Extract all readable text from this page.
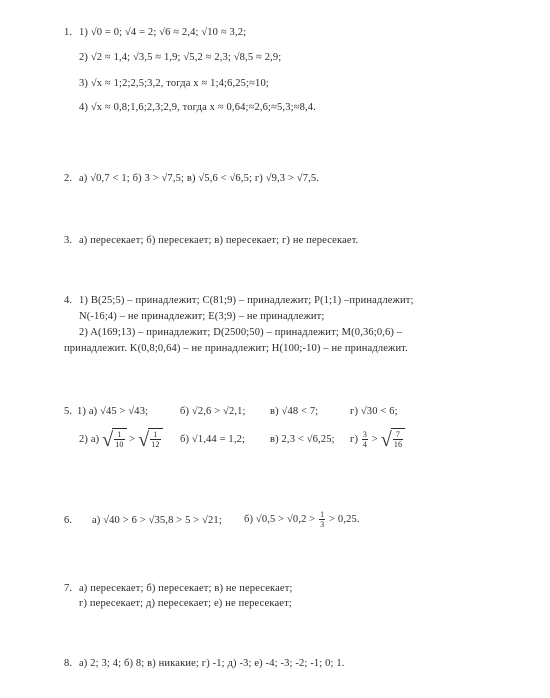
1. 1) √0 = 0; √4 = 2; √6 ≈ 2,4; √10 ≈ 3,2;
2) √2 ≈ 1,4; √3,5 ≈ 1,9; √5,2 ≈ 2,3; √8,5 ≈ 2,9;
3) √x ≈ 1;2;2,5;3,2, тогда x ≈ 1;4;6,25;≈10;
4) √x ≈ 0,8;1,6;2,3;2,9, тогда x ≈ 0,64;≈2,6;≈5,3;≈8,4.
2. а) √0,7 < 1; б) 3 > √7,5; в) √5,6 < √6,5; г) √9,3 > √7,5.
3. а) пересекает; б) пересекает; в) пересекает; г) не пересекает.
4. 1) B(25;5) – принадлежит; C(81;9) – принадлежит; P(1;1) –принадлежит;
N(-16;4) – не принадлежит; E(3;9) – не принадлежит;
2) A(169;13) – принадлежит; D(2500;50) – принадлежит; M(0,36;0,6) –
принадлежит. K(0,8;0,64) – не принадлежит; H(100;-10) – не принадлежит.
5. 1) а) √45 > √43;	б) √2,6 > √2,1; в) √48 < 7;	г) √30 < 6;
2) а) √ $\frac{1}{10}$ > √ $\frac{1}{12} б$) √1,44 = 1,2; в) 2,3 < √6,25; $г) \frac{3}{4}$ > √ $\frac{7}{16}$
6. а) √40 > 6 > √35,8 > 5 > √21; б) $√0,5 > √0,2 > \frac{1}{3} > 0,25$.
7. а) пересекает; б) пересекает; в) не пересекает;
г) пересекает; д) пересекает; е) не пересекает;
8. а) 2; 3; 4; б) 8; в) никакие; г) -1; д) -3; е) -4; -3; -2; -1; 0; 1.
